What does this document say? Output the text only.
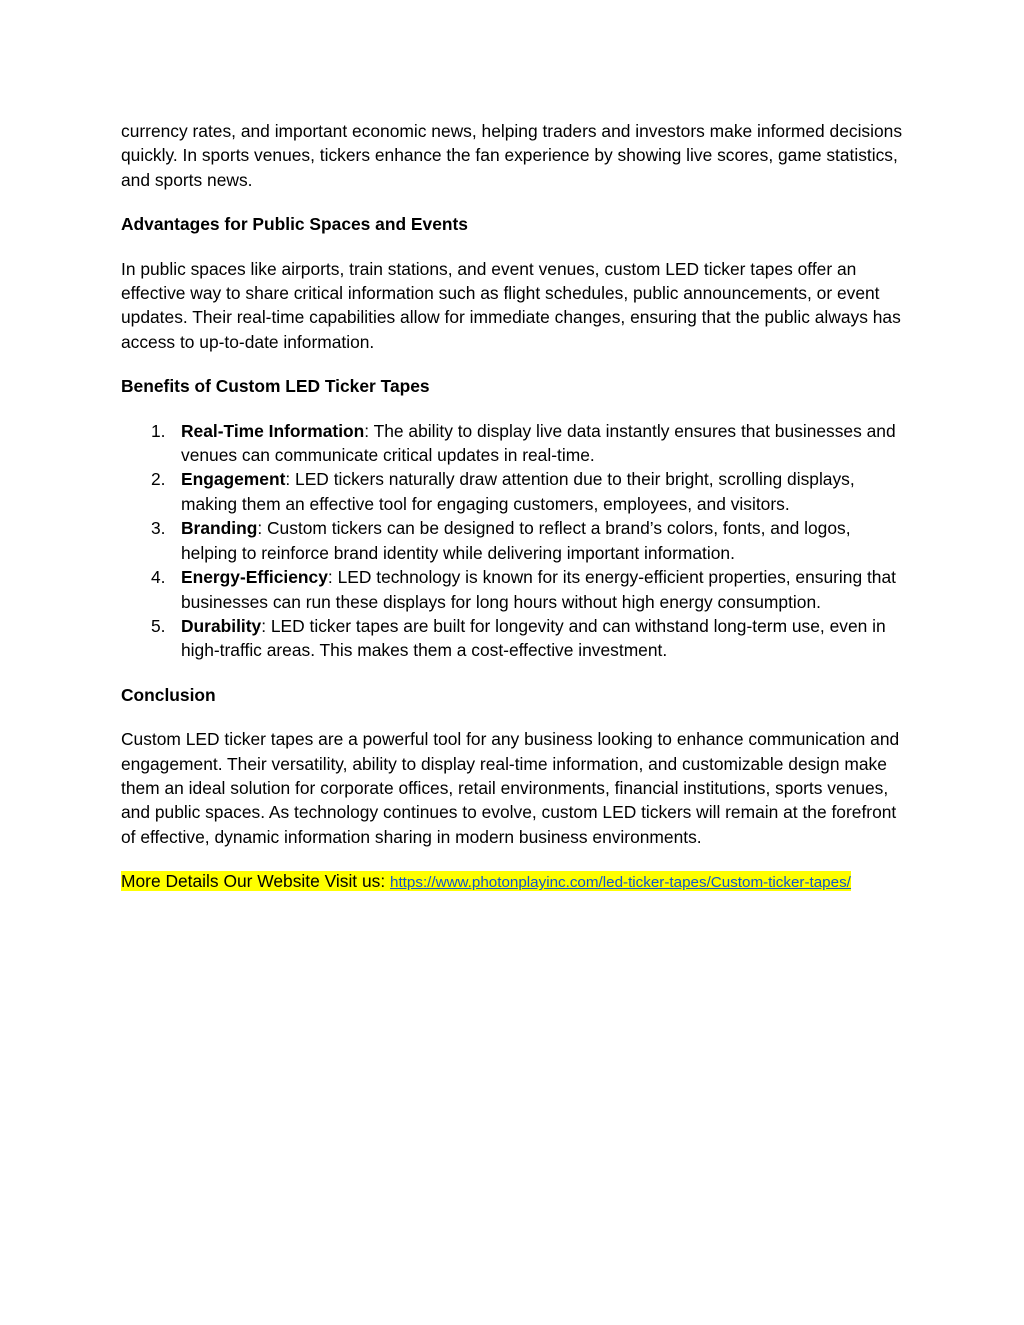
currency rates, and important economic news, helping traders and investors make informed decisions quickly. In sports venues, tickers enhance the fan experience by showing live scores, game statistics, and sports news.

Advantages for Public Spaces and Events

In public spaces like airports, train stations, and event venues, custom LED ticker tapes offer an effective way to share critical information such as flight schedules, public announcements, or event updates. Their real-time capabilities allow for immediate changes, ensuring that the public always has access to up-to-date information.

Benefits of Custom LED Ticker Tapes
1. Real-Time Information: The ability to display live data instantly ensures that businesses and venues can communicate critical updates in real-time.
2. Engagement: LED tickers naturally draw attention due to their bright, scrolling displays, making them an effective tool for engaging customers, employees, and visitors.
3. Branding: Custom tickers can be designed to reflect a brand’s colors, fonts, and logos, helping to reinforce brand identity while delivering important information.
4. Energy-Efficiency: LED technology is known for its energy-efficient properties, ensuring that businesses can run these displays for long hours without high energy consumption.
5. Durability: LED ticker tapes are built for longevity and can withstand long-term use, even in high-traffic areas. This makes them a cost-effective investment.
Conclusion

Custom LED ticker tapes are a powerful tool for any business looking to enhance communication and engagement. Their versatility, ability to display real-time information, and customizable design make them an ideal solution for corporate offices, retail environments, financial institutions, sports venues, and public spaces. As technology continues to evolve, custom LED tickers will remain at the forefront of effective, dynamic information sharing in modern business environments.

More Details Our Website Visit us: https://www.photonplayinc.com/led-ticker-tapes/Custom-ticker-tapes/
